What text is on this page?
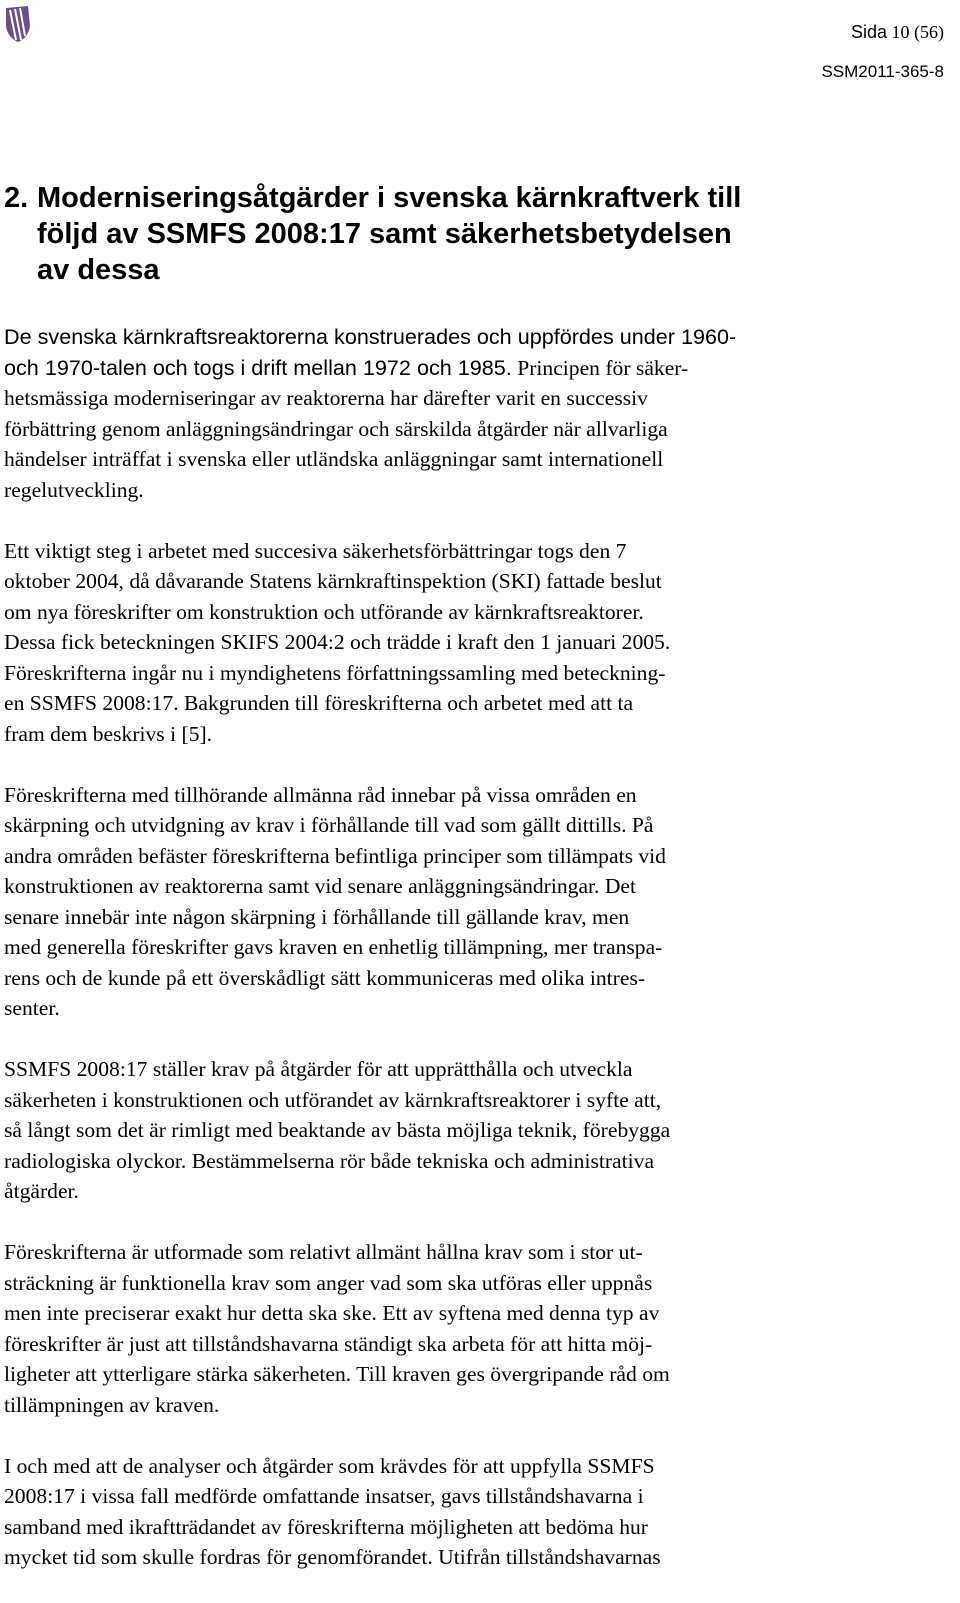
Sida 10 (56)
SSM2011-365-8
2. Moderniseringsåtgärder i svenska kärnkraftverk till
följd av SSMFS 2008:17 samt säkerhetsbetydelsen
av dessa

De svenska kärnkraftsreaktorerna konstruerades och uppfördes under 1960-
och 1970-talen och togs i drift mellan 1972 och 1985. Principen för säker-
hetsmässiga moderniseringar av reaktorerna har därefter varit en successiv
förbättring genom anläggningsändringar och särskilda åtgärder när allvarliga
händelser inträffat i svenska eller utländska anläggningar samt internationell
regelutveckling.

Ett viktigt steg i arbetet med succesiva säkerhetsförbättringar togs den 7
oktober 2004, då dåvarande Statens kärnkraftinspektion (SKI) fattade beslut
om nya föreskrifter om konstruktion och utförande av kärnkraftsreaktorer.
Dessa fick beteckningen SKIFS 2004:2 och trädde i kraft den 1 januari 2005.
Föreskrifterna ingår nu i myndighetens författningssamling med beteckning-
en SSMFS 2008:17. Bakgrunden till föreskrifterna och arbetet med att ta
fram dem beskrivs i [5].

Föreskrifterna med tillhörande allmänna råd innebar på vissa områden en
skärpning och utvidgning av krav i förhållande till vad som gällt dittills. På
andra områden befäster föreskrifterna befintliga principer som tillämpats vid
konstruktionen av reaktorerna samt vid senare anläggningsändringar. Det
senare innebär inte någon skärpning i förhållande till gällande krav, men
med generella föreskrifter gavs kraven en enhetlig tillämpning, mer transpa-
rens och de kunde på ett överskådligt sätt kommuniceras med olika intres-
senter.

SSMFS 2008:17 ställer krav på åtgärder för att upprätthålla och utveckla
säkerheten i konstruktionen och utförandet av kärnkraftsreaktorer i syfte att,
så långt som det är rimligt med beaktande av bästa möjliga teknik, förebygga
radiologiska olyckor. Bestämmelserna rör både tekniska och administrativa
åtgärder.

Föreskrifterna är utformade som relativt allmänt hållna krav som i stor ut-
sträckning är funktionella krav som anger vad som ska utföras eller uppnås
men inte preciserar exakt hur detta ska ske. Ett av syftena med denna typ av
föreskrifter är just att tillståndshavarna ständigt ska arbeta för att hitta möj-
ligheter att ytterligare stärka säkerheten. Till kraven ges övergripande råd om
tillämpningen av kraven.

I och med att de analyser och åtgärder som krävdes för att uppfylla SSMFS
2008:17 i vissa fall medförde omfattande insatser, gavs tillståndshavarna i
samband med ikraftträdandet av föreskrifterna möjligheten att bedöma hur
mycket tid som skulle fordras för genomförandet. Utifrån tillståndshavarnas
